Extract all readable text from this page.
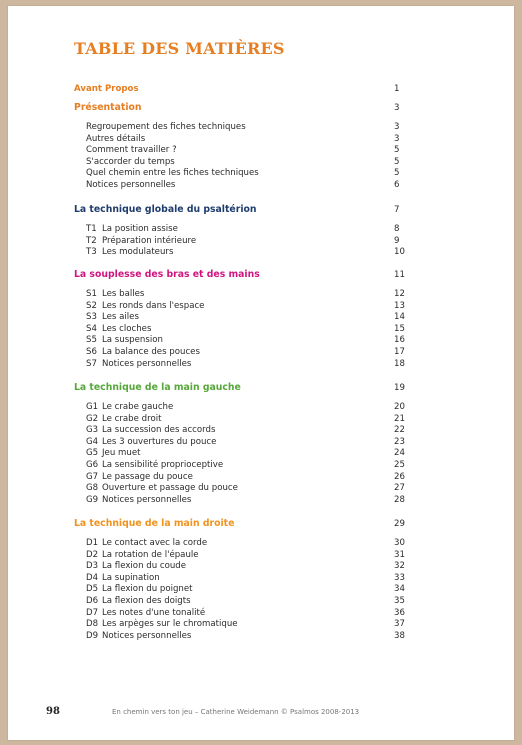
TABLE DES MATIÈRES
Avant Propos	1
Présentation	3
Regroupement des fiches techniques	3
Autres détails	3
Comment travailler ?	5
S'accorder du temps	5
Quel chemin entre les fiches techniques	5
Notices personnelles	6
La technique globale du psaltérion	7
T1 La position assise	8
T2 Préparation intérieure	9
T3 Les modulateurs	10
La souplesse des bras et des mains	11
S1 Les balles	12
S2 Les ronds dans l'espace	13
S3 Les ailes	14
S4 Les cloches	15
S5 La suspension	16
S6 La balance des pouces	17
S7 Notices personnelles	18
La technique de la main gauche	19
G1 Le crabe gauche	20
G2 Le crabe droit	21
G3 La succession des accords	22
G4 Les 3 ouvertures du pouce	23
G5 Jeu muet	24
G6 La sensibilité proprioceptive	25
G7 Le passage du pouce	26
G8 Ouverture et passage du pouce	27
G9 Notices personnelles	28
La technique de la main droite	29
D1 Le contact avec la corde	30
D2 La rotation de l'épaule	31
D3 La flexion du coude	32
D4 La supination	33
D5 La flexion du poignet	34
D6 La flexion des doigts	35
D7 Les notes d'une tonalité	36
D8 Les arpèges sur le chromatique	37
D9 Notices personnelles	38
98	En chemin vers ton jeu – Catherine Weidemann © Psalmos 2008-2013
